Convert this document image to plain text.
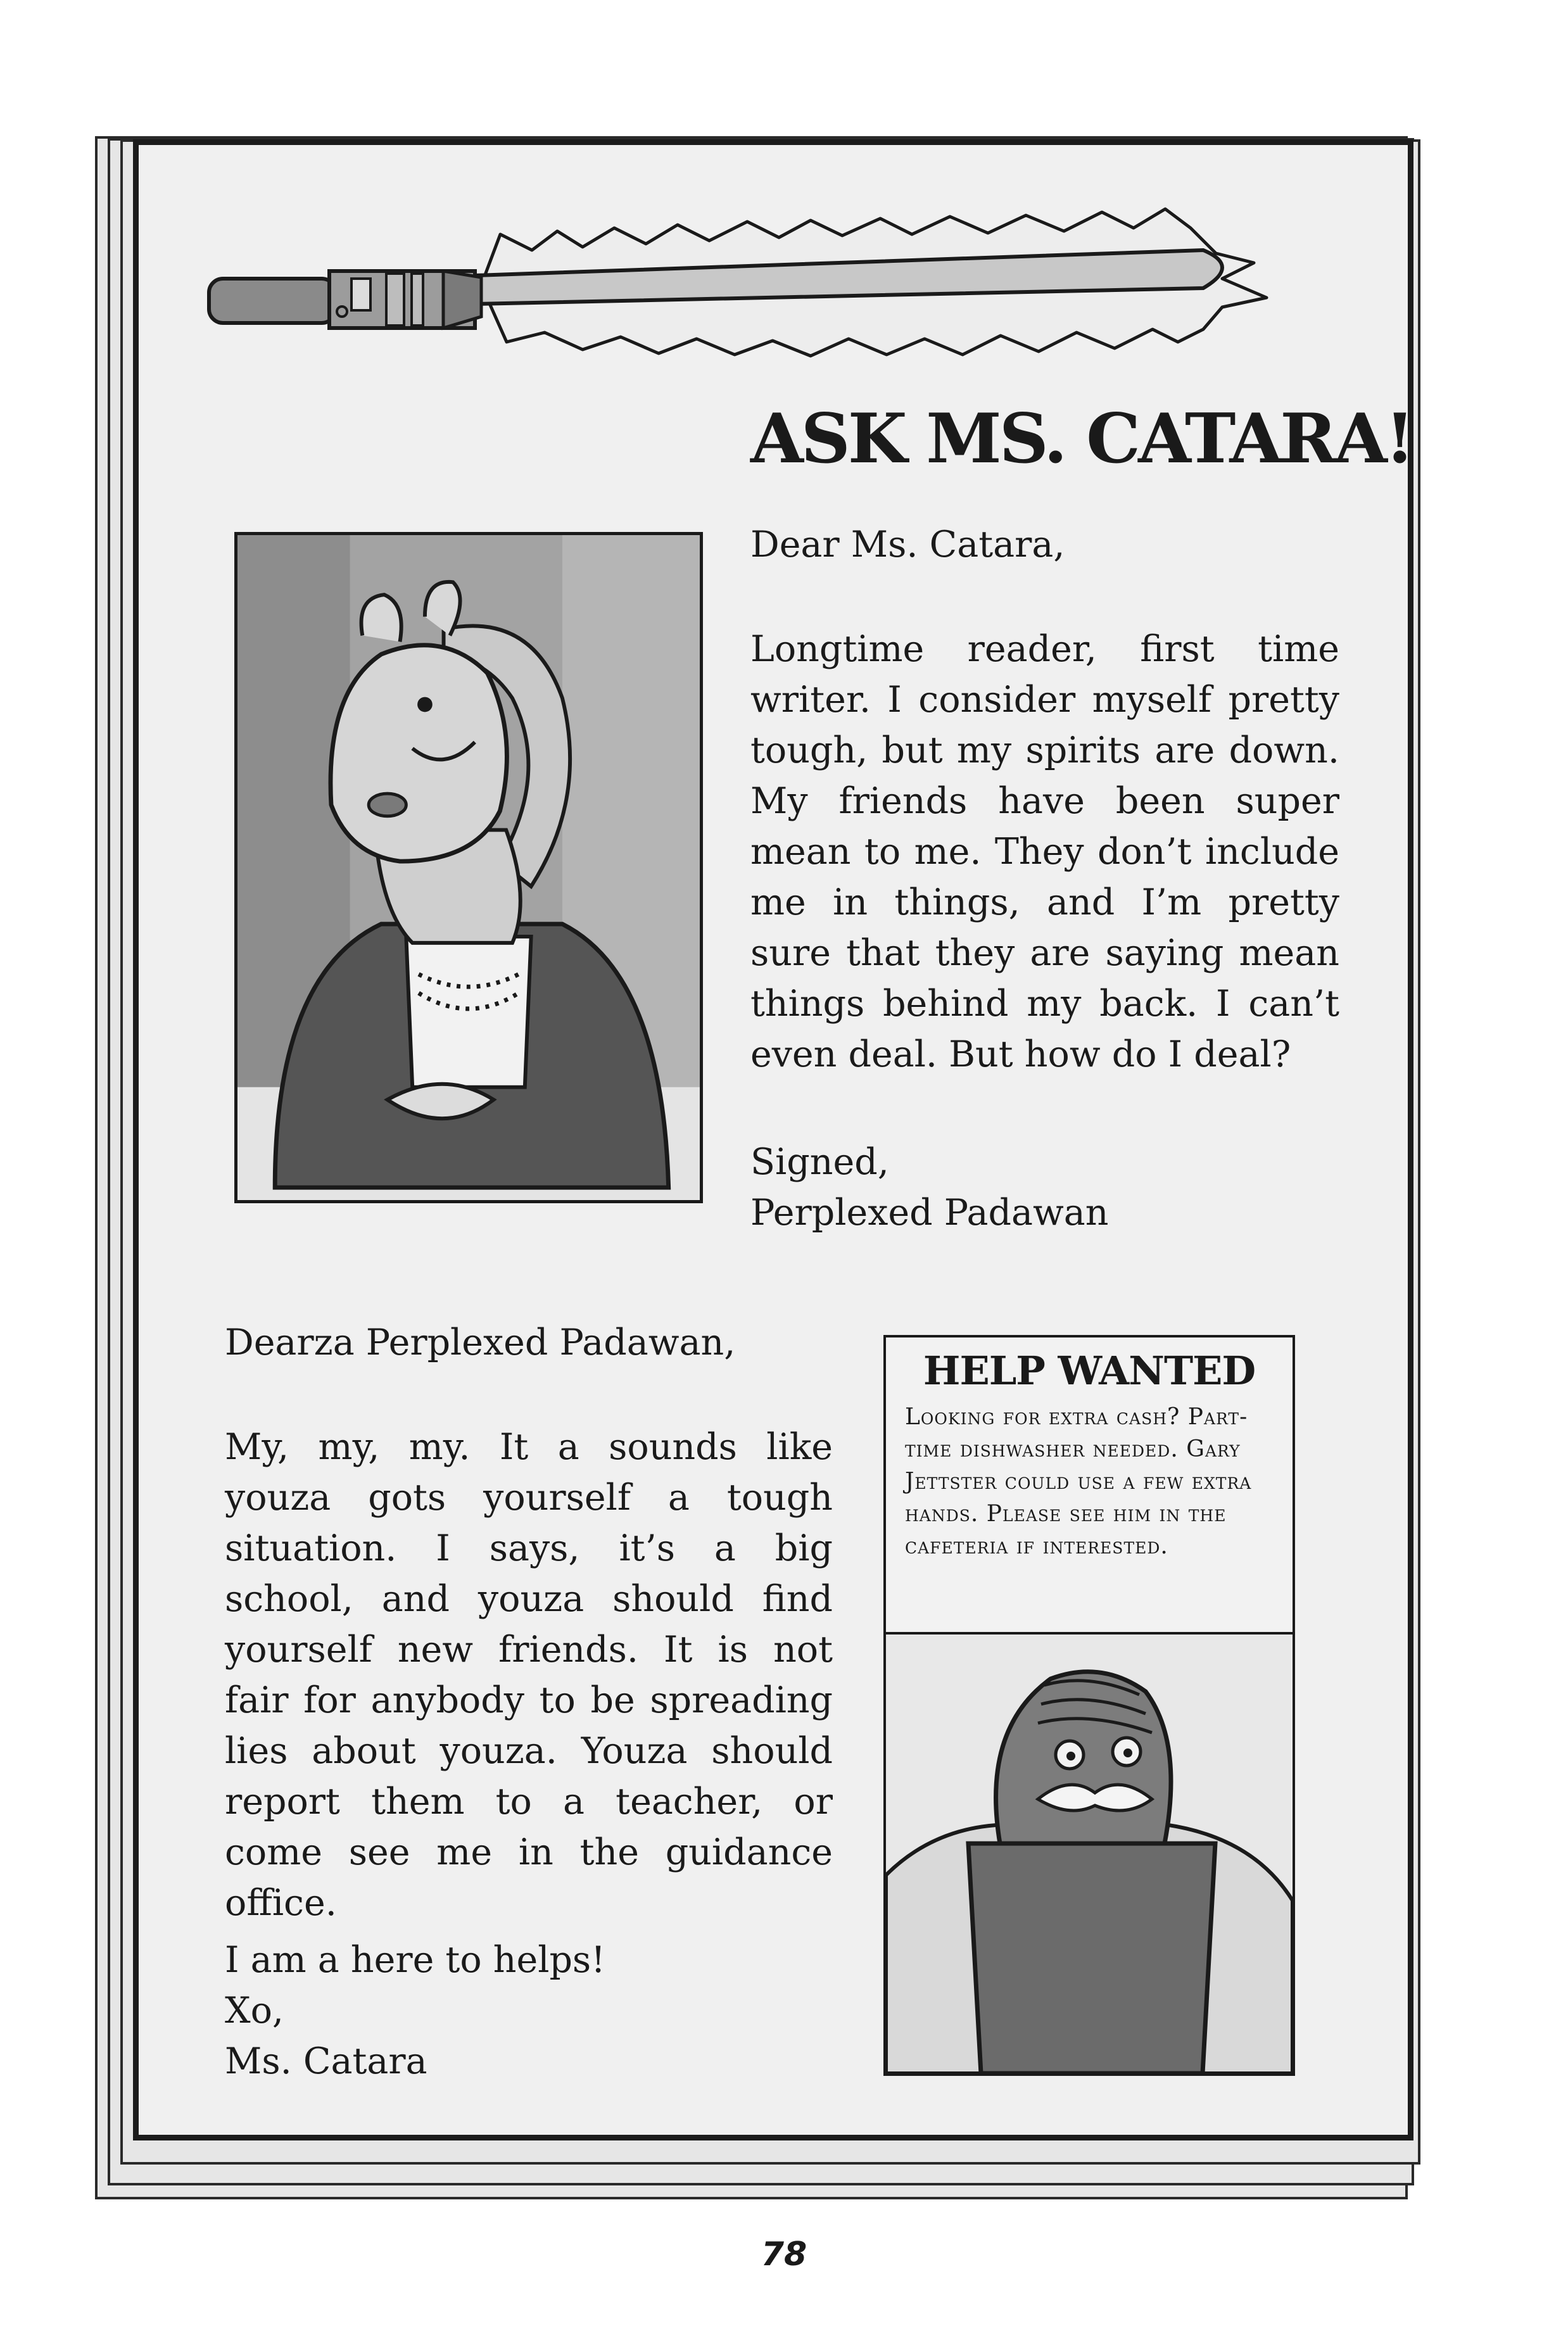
ASK MS. CATARA!
Dear Ms. Catara,
Longtime reader, first time writer. I consider myself pretty tough, but my spirits are down. My friends have been super mean to me. They don’t include me in things, and I’m pretty sure that they are saying mean things behind my back. I can’t even deal. But how do I deal?
Signed,
Perplexed Padawan
Dearza Perplexed Padawan,
My, my, my. It a sounds like youza gots yourself a tough situation. I says, it’s a big school, and youza should find yourself new friends. It is not fair for anybody to be spreading lies about youza. Youza should report them to a teacher, or come see me in the guidance office.
I am a here to helps!
Xo,
Ms. Catara
HELP WANTED
Looking for extra cash? Part-time dishwasher needed. Gary Jettster could use a few extra hands. Please see him in the cafeteria if interested.
78
